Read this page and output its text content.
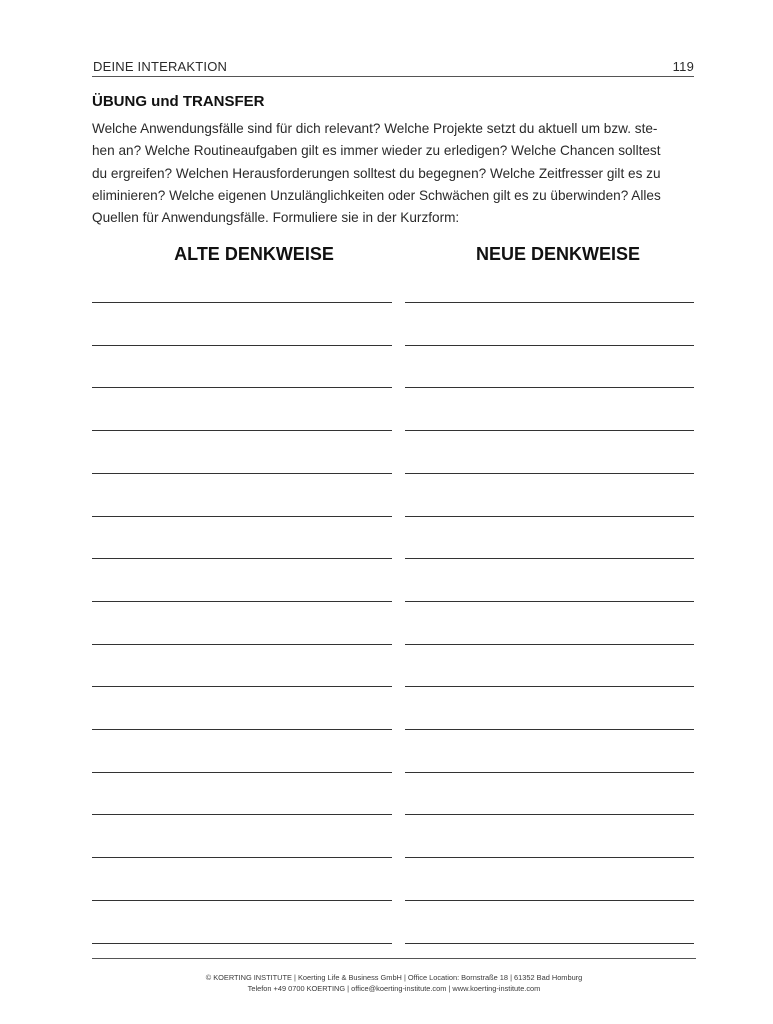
DEINE INTERAKTION	119
ÜBUNG und TRANSFER

Welche Anwendungsfälle sind für dich relevant? Welche Projekte setzt du aktuell um bzw. ste-
hen an? Welche Routineaufgaben gilt es immer wieder zu erledigen? Welche Chancen solltest
du ergreifen? Welchen Herausforderungen solltest du begegnen? Welche Zeitfresser gilt es zu
eliminieren? Welche eigenen Unzulänglichkeiten oder Schwächen gilt es zu überwinden? Alles
Quellen für Anwendungsfälle. Formuliere sie in der Kurzform:

ALTE DENKWEISE	NEUE DENKWEISE
© KOERTING INSTITUTE | Koerting Life & Business GmbH | Office Location: Bornstraße 18 | 61352 Bad Homburg
Telefon +49 0700 KOERTING | office@koerting-institute.com | www.koerting-institute.com
